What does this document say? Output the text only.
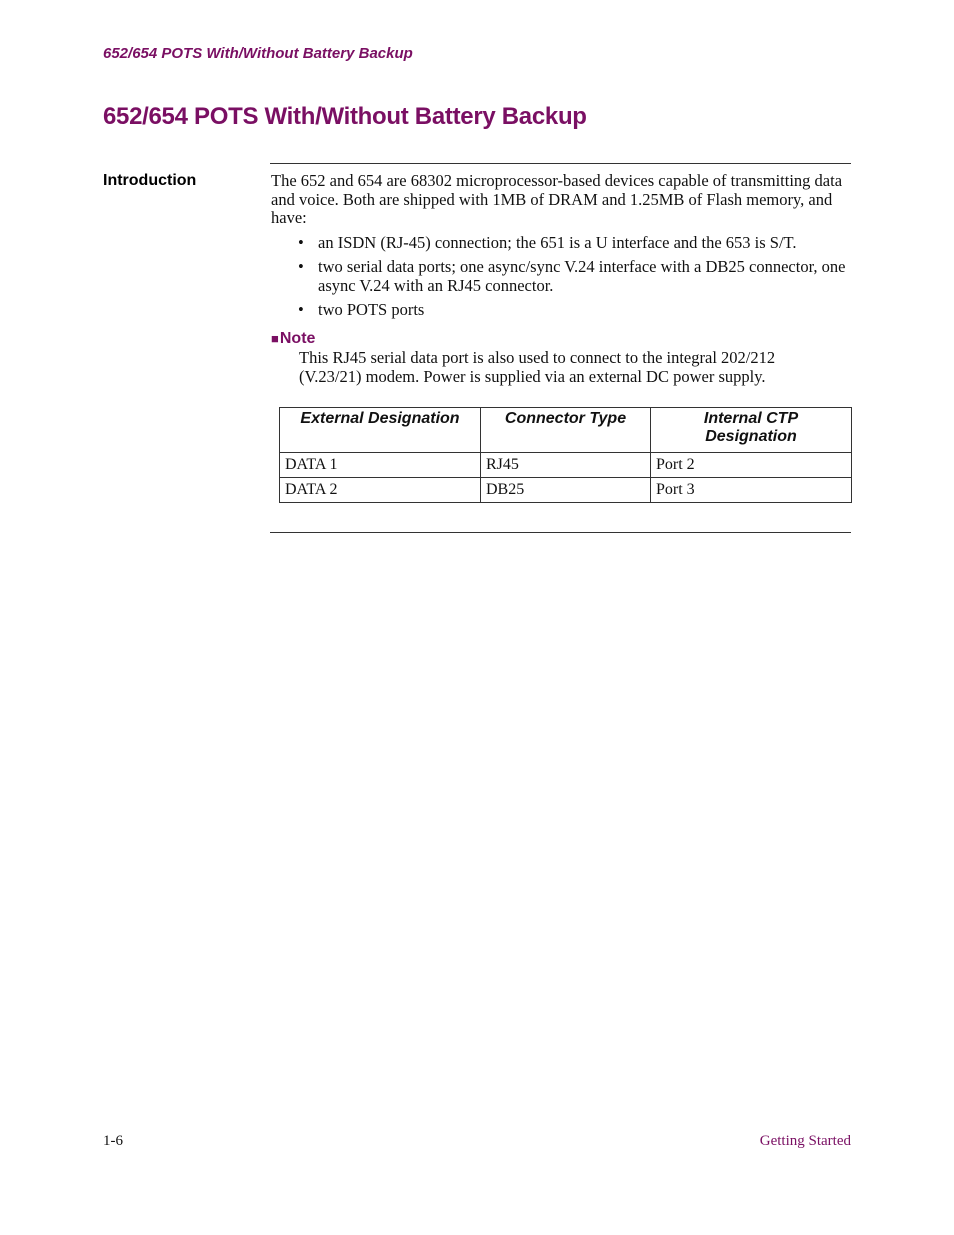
652/654 POTS With/Without Battery Backup
652/654 POTS With/Without Battery Backup
Introduction	The 652 and 654 are 68302 microprocessor-based devices capable of transmitting data and voice. Both are shipped with 1MB of DRAM and 1.25MB of Flash memory, and have:

• an ISDN (RJ-45) connection; the 651 is a U interface and the 653 is S/T.
• two serial data ports; one async/sync V.24 interface with a DB25 connector, one async V.24 with an RJ45 connector.
• two POTS ports
■Note

This RJ45 serial data port is also used to connect to the integral 202/212 (V.23/21) modem. Power is supplied via an external DC power supply.

External Designation	Connector Type	Internal CTP Designation
DATA 1	RJ45	Port 2
DATA 2	DB25	Port 3
1-6	Getting Started
